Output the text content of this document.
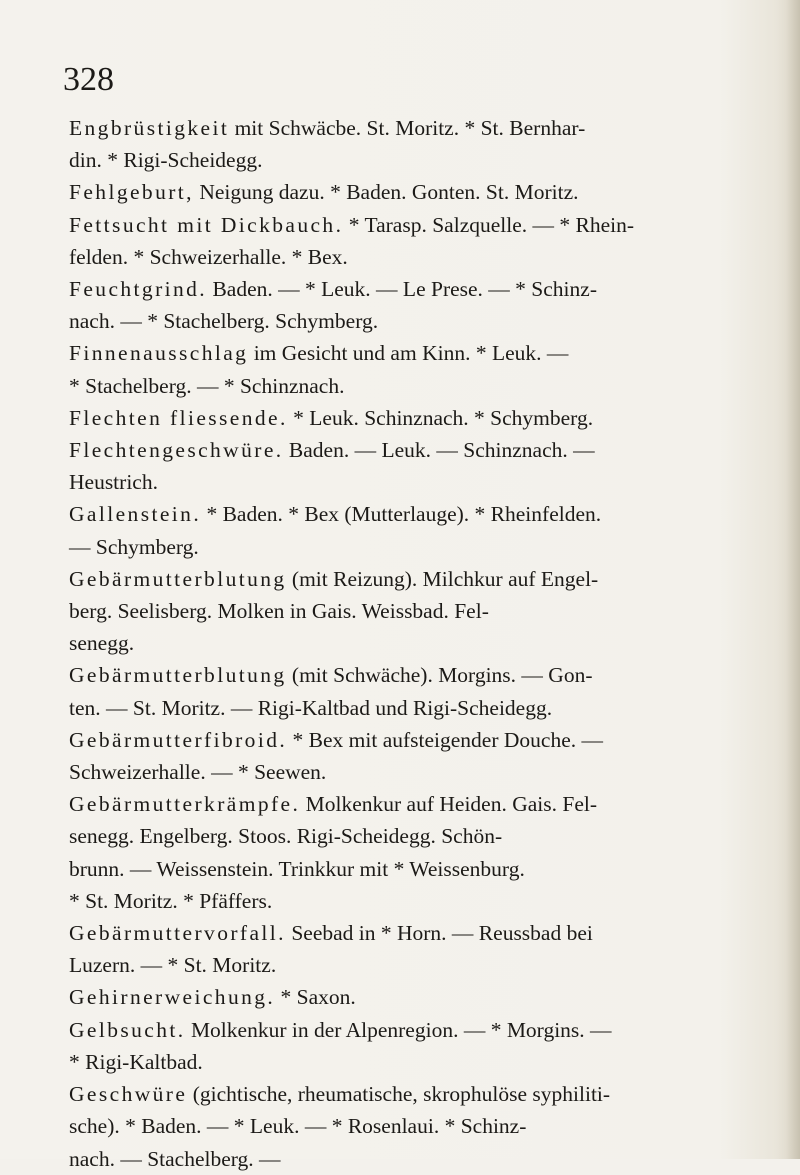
328
Engbrüstigkeit mit Schwäcbe. St. Moritz. * St. Bernhar-
din. * Rigi-Scheidegg.
Fehlgeburt, Neigung dazu. * Baden. Gonten. St. Moritz.
Fettsucht mit Dickbauch. * Tarasp. Salzquelle. — * Rhein-
felden. * Schweizerhalle. * Bex.
Feuchtgrind. Baden. — * Leuk. — Le Prese. — * Schinz-
nach. — * Stachelberg. Schymberg.
Finnenausschlag im Gesicht und am Kinn. * Leuk. —
* Stachelberg. — * Schinznach.
Flechten fliessende. * Leuk. Schinznach. * Schymberg.
Flechtengeschwüre. Baden. — Leuk. — Schinznach. —
Heustrich.
Gallenstein. * Baden. * Bex (Mutterlauge). * Rheinfelden.
— Schymberg.
Gebärmutterblutung (mit Reizung). Milchkur auf Engel-
berg. Seelisberg. Molken in Gais. Weissbad. Fel-
senegg.
Gebärmutterblutung (mit Schwäche). Morgins. — Gon-
ten. — St. Moritz. — Rigi-Kaltbad und Rigi-Scheidegg.
Gebärmutterfibroid. * Bex mit aufsteigender Douche. —
Schweizerhalle. — * Seewen.
Gebärmutterkrämpfe. Molkenkur auf Heiden. Gais. Fel-
senegg. Engelberg. Stoos. Rigi-Scheidegg. Schön-
brunn. — Weissenstein. Trinkkur mit * Weissenburg.
* St. Moritz. * Pfäffers.
Gebärmuttervorfall. Seebad in * Horn. — Reussbad bei
Luzern. — * St. Moritz.
Gehirnerweichung. * Saxon.
Gelbsucht. Molkenkur in der Alpenregion. — * Morgins. —
* Rigi-Kaltbad.
Geschwüre (gichtische, rheumatische, skrophulöse syphiliti-
sche). * Baden. — * Leuk. — * Rosenlaui. * Schinz-
nach. — Stachelberg. —
